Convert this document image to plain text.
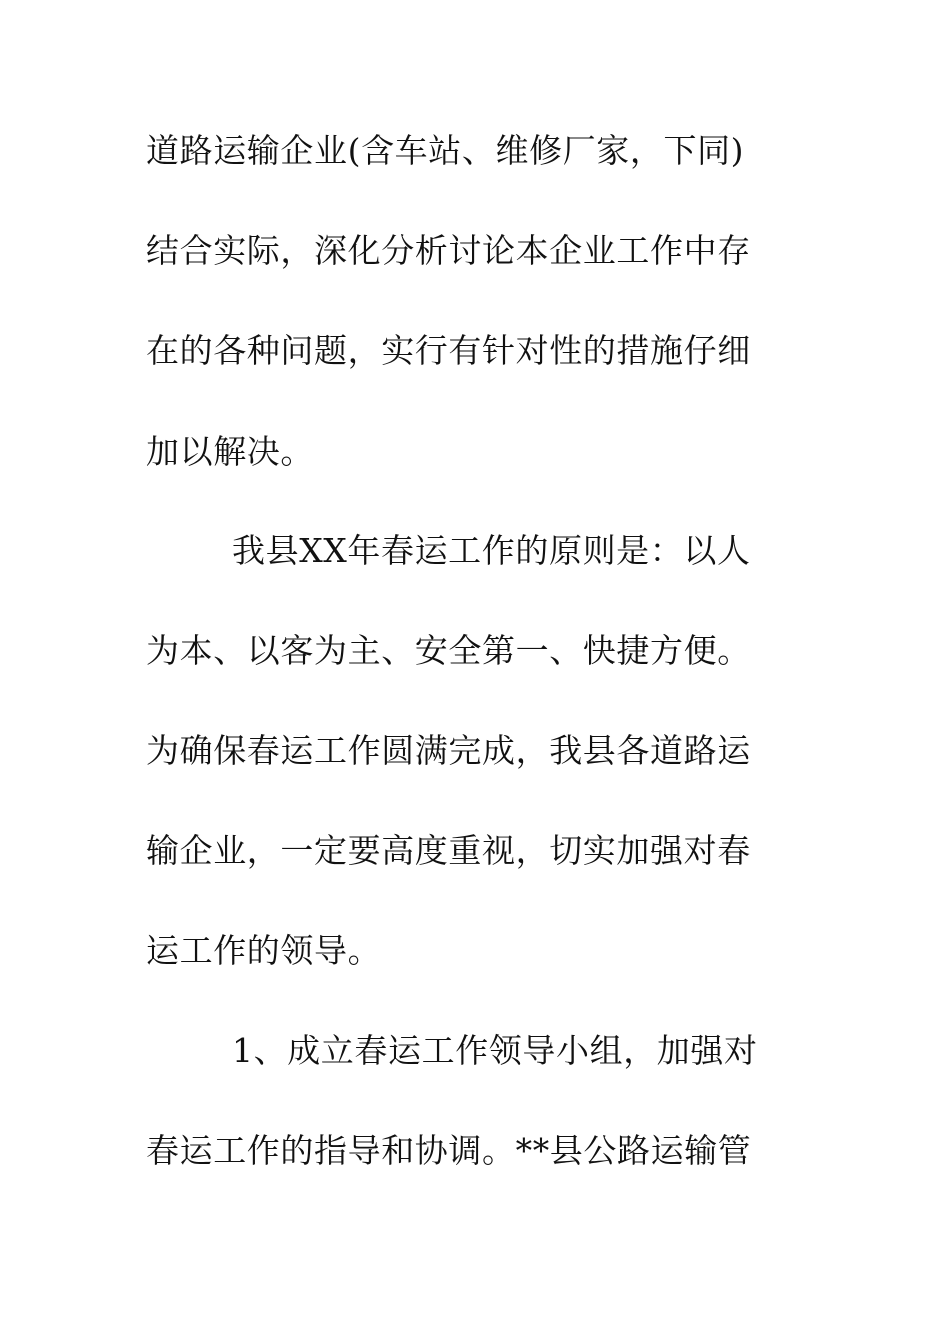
道路运输企业(含车站、维修厂家，下同)
结合实际，深化分析讨论本企业工作中存
在的各种问题，实行有针对性的措施仔细
加以解决。
我县XX年春运工作的原则是：以人
为本、以客为主、安全第一、快捷方便。
为确保春运工作圆满完成，我县各道路运
输企业，一定要高度重视，切实加强对春
运工作的领导。
1、成立春运工作领导小组，加强对
春运工作的指导和协调。**县公路运输管
